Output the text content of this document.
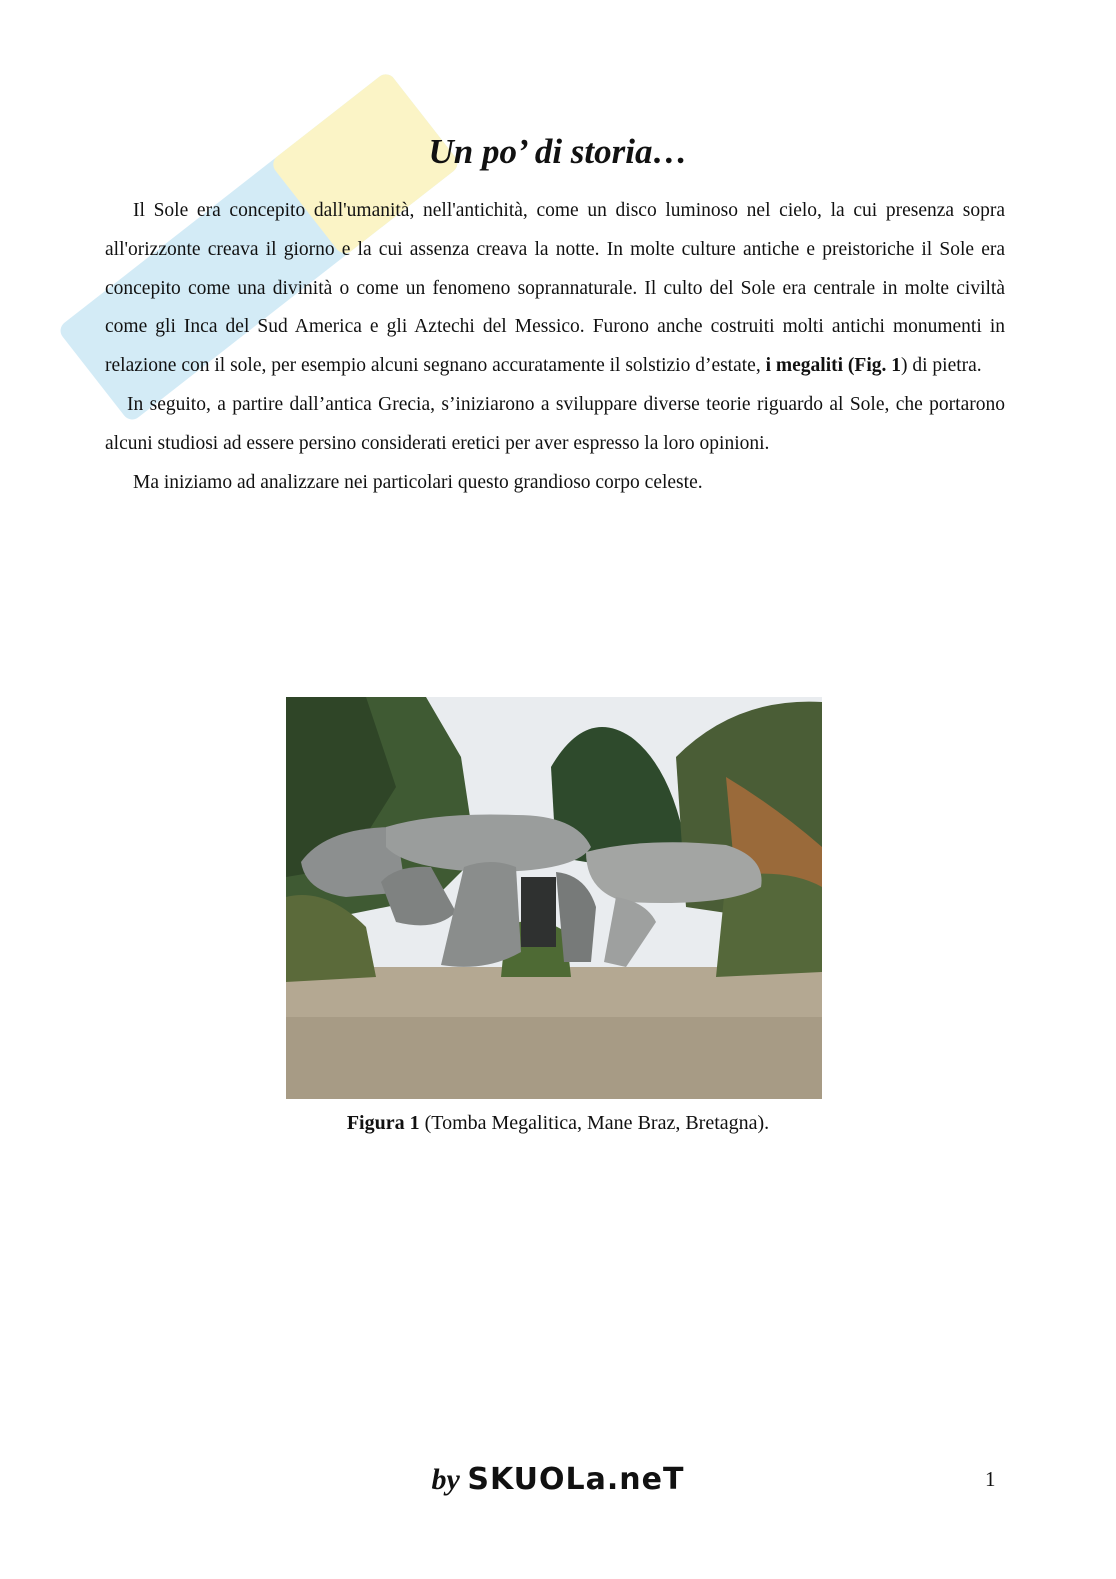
Un po’ di storia…

Il Sole era concepito dall'umanità, nell'antichità, come un disco luminoso nel cielo, la cui presenza sopra all'orizzonte creava il giorno e la cui assenza creava la notte. In molte culture antiche e preistoriche il Sole era concepito come una divinità o come un fenomeno soprannaturale. Il culto del Sole era centrale in molte civiltà come gli Inca del Sud America e gli Aztechi del Messico. Furono anche costruiti molti antichi monumenti in relazione con il sole, per esempio alcuni segnano accuratamente il solstizio d’estate, i megaliti (Fig. 1) di pietra.

In seguito, a partire dall’antica Grecia, s’iniziarono a sviluppare diverse teorie riguardo al Sole, che portarono alcuni studiosi ad essere persino considerati eretici per aver espresso la loro opinioni.

Ma iniziamo ad analizzare nei particolari questo grandioso corpo celeste.

Figura 1 (Tomba Megalitica, Mane Braz, Bretagna).

by SKUOLa.neT	1
